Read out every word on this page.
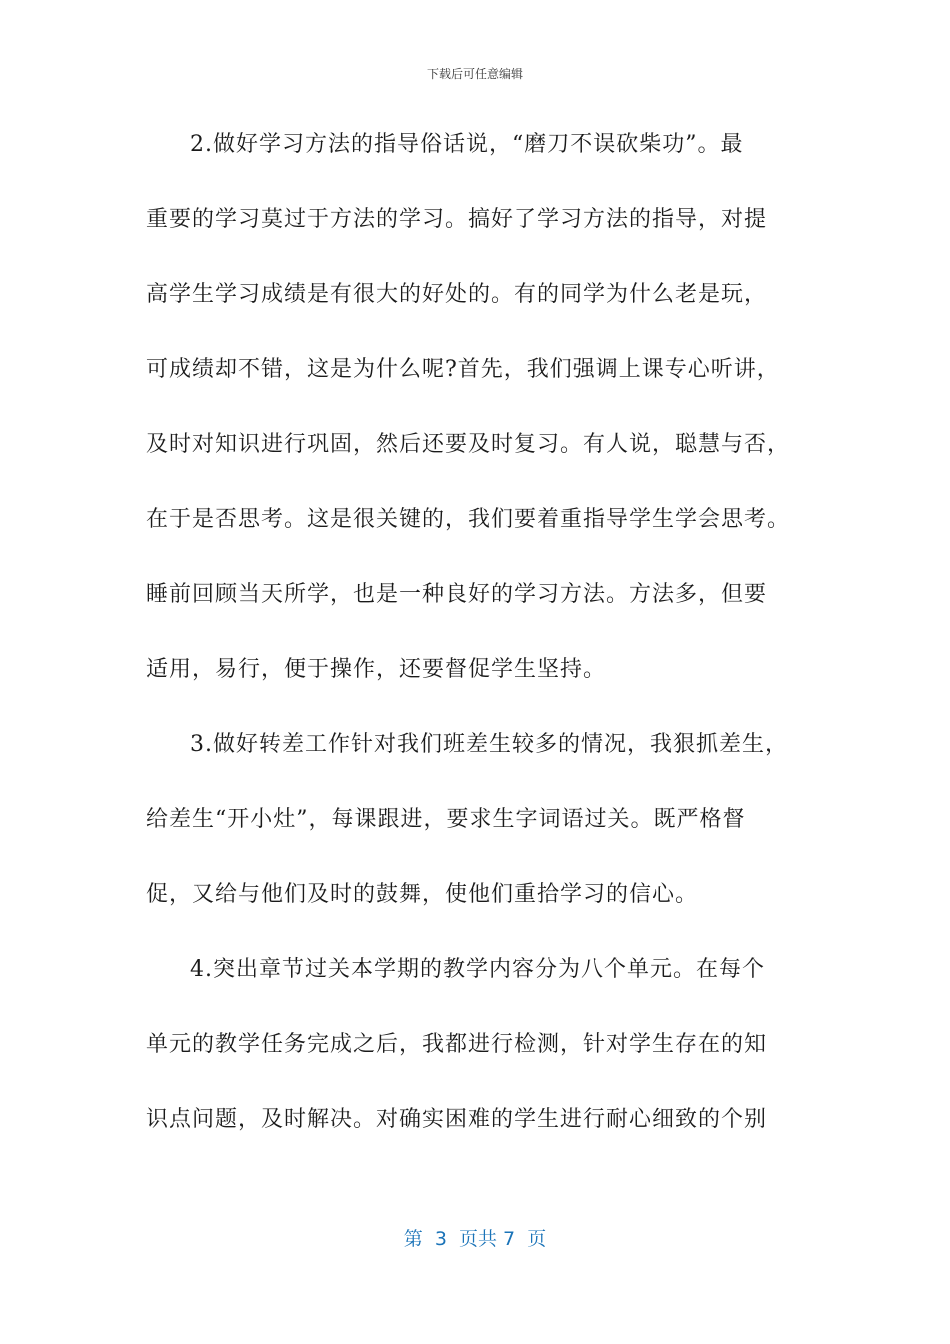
下载后可任意编辑
2.做好学习方法的指导俗话说，“磨刀不误砍柴功”。最
重要的学习莫过于方法的学习。搞好了学习方法的指导，对提
高学生学习成绩是有很大的好处的。有的同学为什么老是玩，
可成绩却不错，这是为什么呢?首先，我们强调上课专心听讲，
及时对知识进行巩固，然后还要及时复习。有人说，聪慧与否，
在于是否思考。这是很关键的，我们要着重指导学生学会思考。
睡前回顾当天所学，也是一种良好的学习方法。方法多，但要
适用，易行，便于操作，还要督促学生坚持。
3.做好转差工作针对我们班差生较多的情况，我狠抓差生，
给差生“开小灶”，每课跟进，要求生字词语过关。既严格督
促，又给与他们及时的鼓舞，使他们重拾学习的信心。
4.突出章节过关本学期的教学内容分为八个单元。在每个
单元的教学任务完成之后，我都进行检测，针对学生存在的知
识点问题，及时解决。对确实困难的学生进行耐心细致的个别
第  3  页共 7  页
